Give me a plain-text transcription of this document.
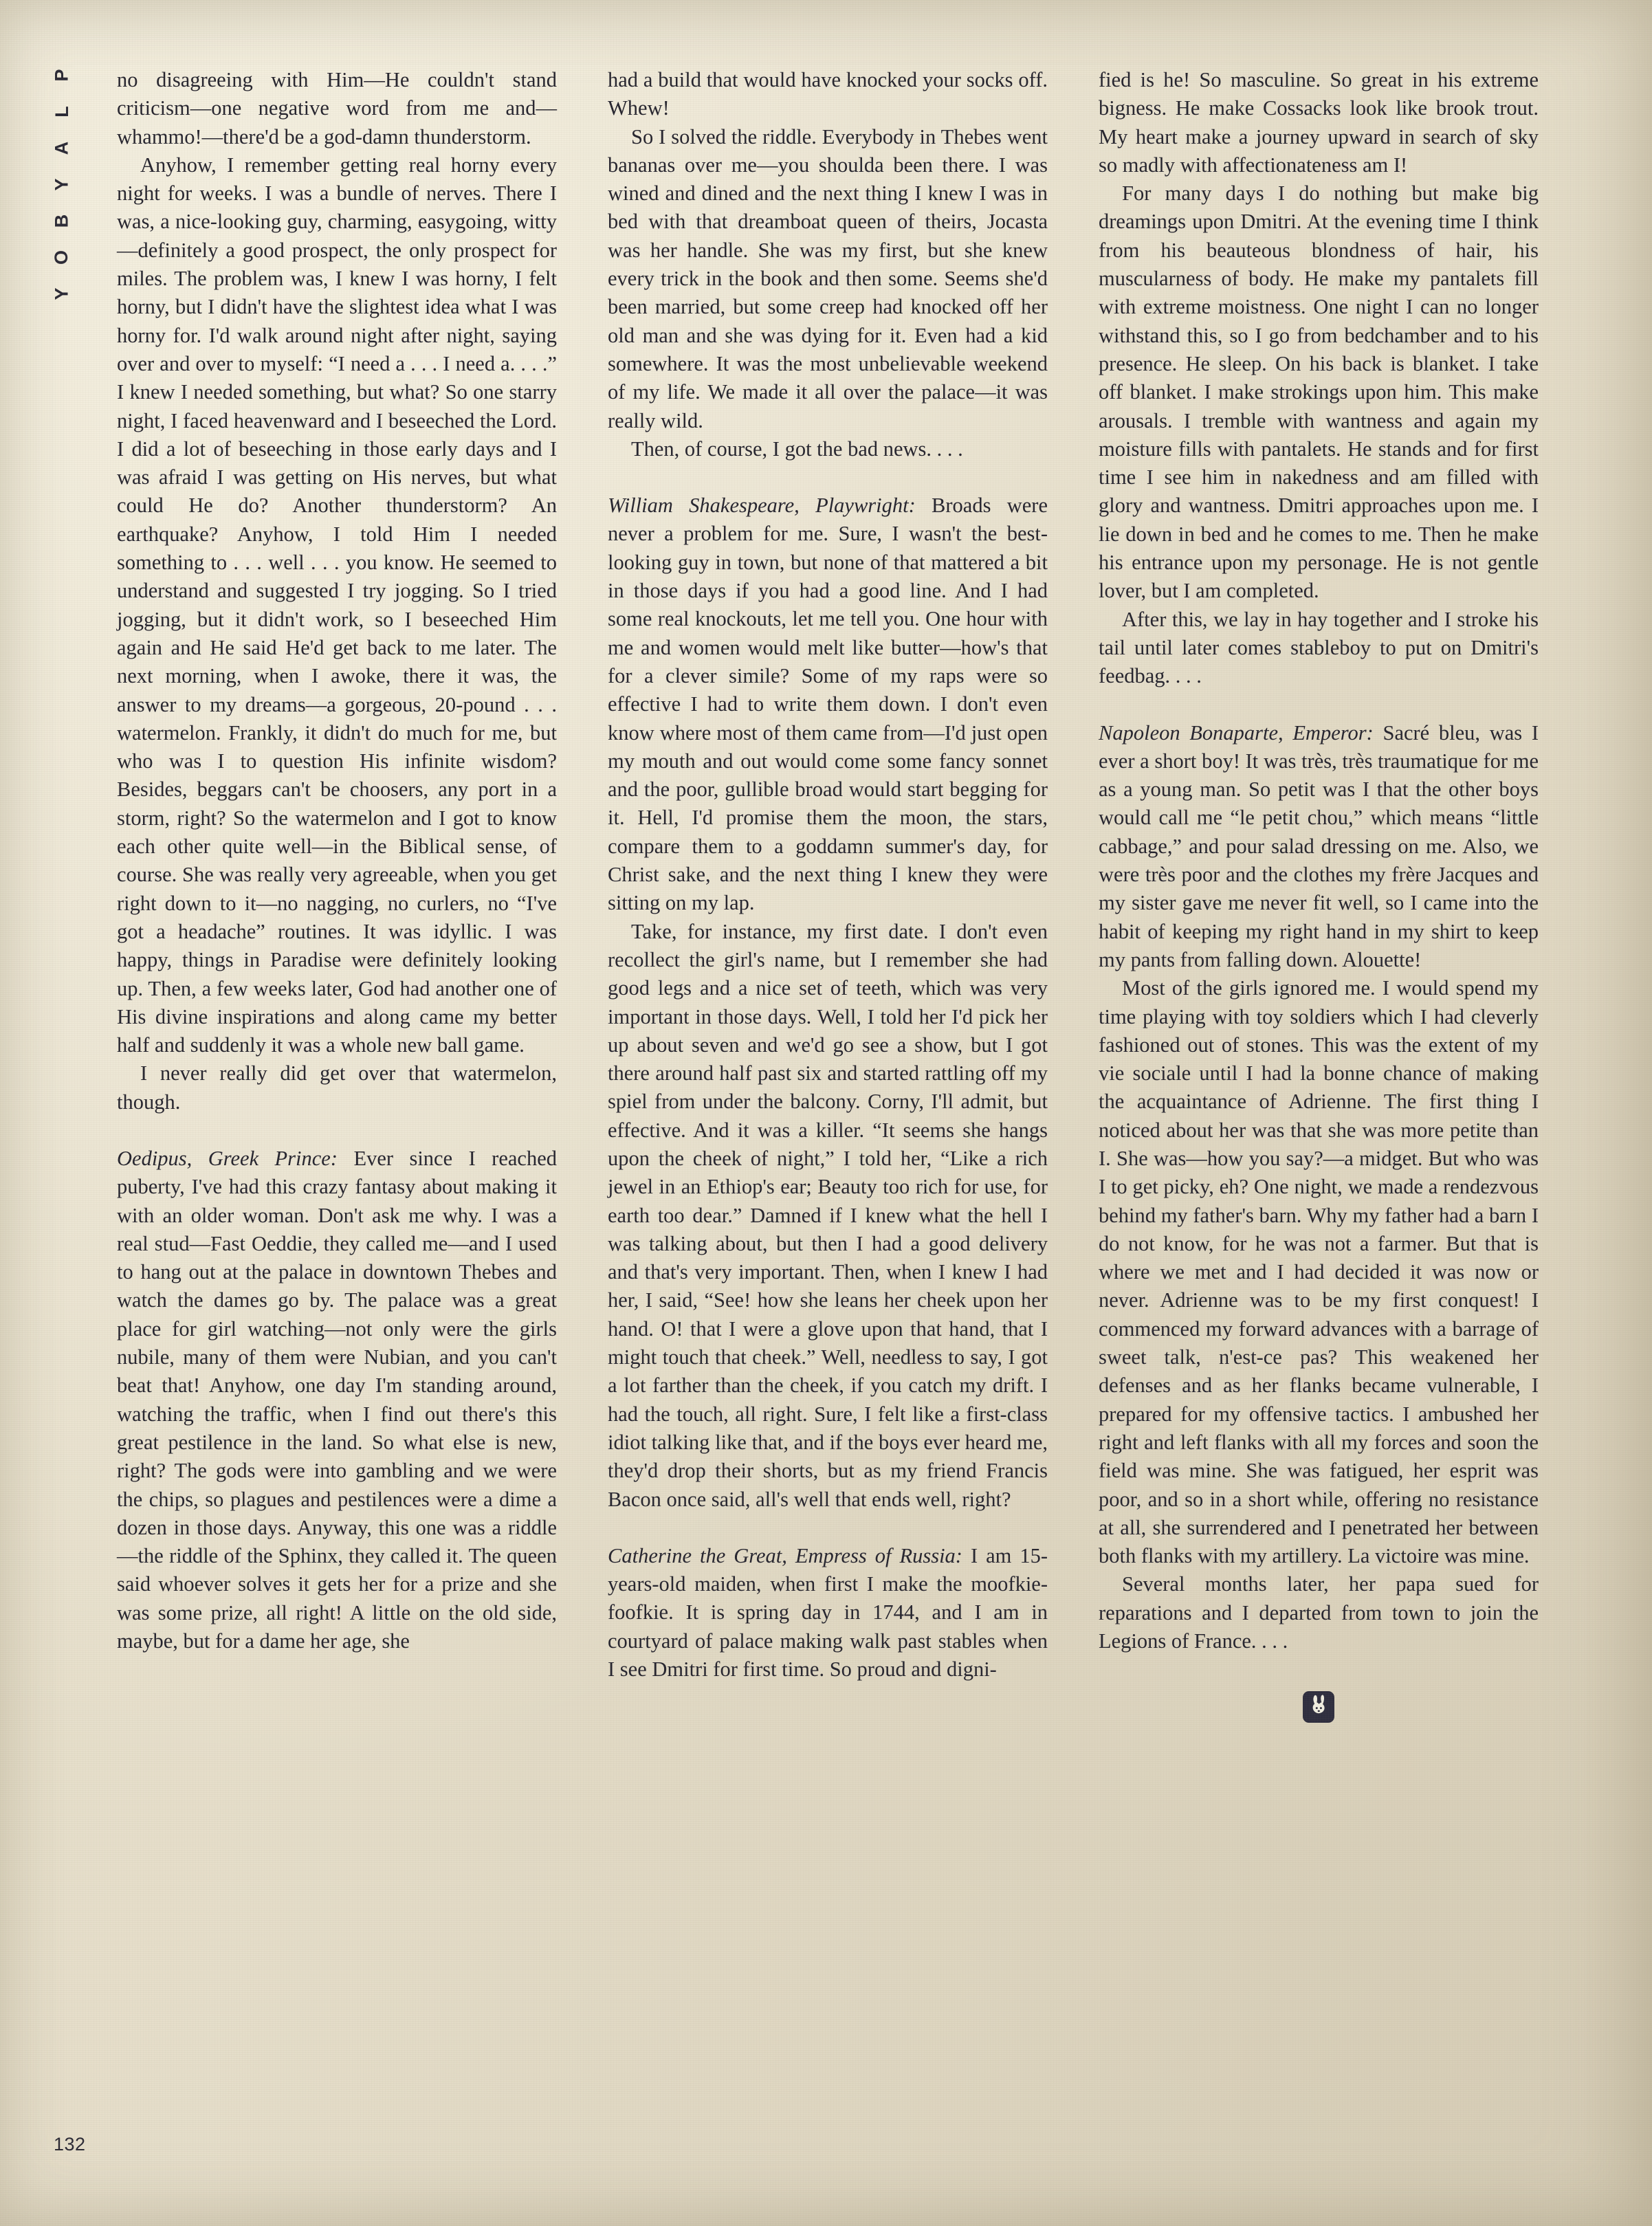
P
L
A
Y
B
O
Y
132

no disagreeing with Him—He couldn't stand criticism—one negative word from me and—whammo!—there'd be a god-damn thunderstorm.

Anyhow, I remember getting real horny every night for weeks. I was a bundle of nerves. There I was, a nice-looking guy, charming, easygoing, witty—definitely a good prospect, the only prospect for miles. The problem was, I knew I was horny, I felt horny, but I didn't have the slightest idea what I was horny for. I'd walk around night after night, saying over and over to myself: “I need a . . . I need a. . . .” I knew I needed something, but what? So one starry night, I faced heavenward and I beseeched the Lord. I did a lot of beseeching in those early days and I was afraid I was getting on His nerves, but what could He do? Another thunderstorm? An earthquake? Anyhow, I told Him I needed something to . . . well . . . you know. He seemed to understand and suggested I try jogging. So I tried jogging, but it didn't work, so I beseeched Him again and He said He'd get back to me later. The next morning, when I awoke, there it was, the answer to my dreams—a gorgeous, 20-pound . . . watermelon. Frankly, it didn't do much for me, but who was I to question His infinite wisdom? Besides, beggars can't be choosers, any port in a storm, right? So the watermelon and I got to know each other quite well—in the Biblical sense, of course. She was really very agreeable, when you get right down to it—no nagging, no curlers, no “I've got a headache” routines. It was idyllic. I was happy, things in Paradise were definitely looking up. Then, a few weeks later, God had another one of His divine inspirations and along came my better half and suddenly it was a whole new ball game.

I never really did get over that watermelon, though.

Oedipus, Greek Prince: Ever since I reached puberty, I've had this crazy fantasy about making it with an older woman. Don't ask me why. I was a real stud—Fast Oeddie, they called me—and I used to hang out at the palace in downtown Thebes and watch the dames go by. The palace was a great place for girl watching—not only were the girls nubile, many of them were Nubian, and you can't beat that! Anyhow, one day I'm standing around, watching the traffic, when I find out there's this great pestilence in the land. So what else is new, right? The gods were into gambling and we were the chips, so plagues and pestilences were a dime a dozen in those days. Anyway, this one was a riddle—the riddle of the Sphinx, they called it. The queen said whoever solves it gets her for a prize and she was some prize, all right! A little on the old side, maybe, but for a dame her age, she

had a build that would have knocked your socks off. Whew!

So I solved the riddle. Everybody in Thebes went bananas over me—you shoulda been there. I was wined and dined and the next thing I knew I was in bed with that dreamboat queen of theirs, Jocasta was her handle. She was my first, but she knew every trick in the book and then some. Seems she'd been married, but some creep had knocked off her old man and she was dying for it. Even had a kid somewhere. It was the most unbelievable weekend of my life. We made it all over the palace—it was really wild.

Then, of course, I got the bad news. . . .

William Shakespeare, Playwright: Broads were never a problem for me. Sure, I wasn't the best-looking guy in town, but none of that mattered a bit in those days if you had a good line. And I had some real knockouts, let me tell you. One hour with me and women would melt like butter—how's that for a clever simile? Some of my raps were so effective I had to write them down. I don't even know where most of them came from—I'd just open my mouth and out would come some fancy sonnet and the poor, gullible broad would start begging for it. Hell, I'd promise them the moon, the stars, compare them to a goddamn summer's day, for Christ sake, and the next thing I knew they were sitting on my lap.

Take, for instance, my first date. I don't even recollect the girl's name, but I remember she had good legs and a nice set of teeth, which was very important in those days. Well, I told her I'd pick her up about seven and we'd go see a show, but I got there around half past six and started rattling off my spiel from under the balcony. Corny, I'll admit, but effective. And it was a killer. “It seems she hangs upon the cheek of night,” I told her, “Like a rich jewel in an Ethiop's ear; Beauty too rich for use, for earth too dear.” Damned if I knew what the hell I was talking about, but then I had a good delivery and that's very important. Then, when I knew I had her, I said, “See! how she leans her cheek upon her hand. O! that I were a glove upon that hand, that I might touch that cheek.” Well, needless to say, I got a lot farther than the cheek, if you catch my drift. I had the touch, all right. Sure, I felt like a first-class idiot talking like that, and if the boys ever heard me, they'd drop their shorts, but as my friend Francis Bacon once said, all's well that ends well, right?

Catherine the Great, Empress of Russia: I am 15-years-old maiden, when first I make the moofkie-foofkie. It is spring day in 1744, and I am in courtyard of palace making walk past stables when I see Dmitri for first time. So proud and digni-

fied is he! So masculine. So great in his extreme bigness. He make Cossacks look like brook trout. My heart make a journey upward in search of sky so madly with affectionateness am I!

For many days I do nothing but make big dreamings upon Dmitri. At the evening time I think from his beauteous blondness of hair, his muscularness of body. He make my pantalets fill with extreme moistness. One night I can no longer withstand this, so I go from bedchamber and to his presence. He sleep. On his back is blanket. I take off blanket. I make strokings upon him. This make arousals. I tremble with wantness and again my moisture fills with pantalets. He stands and for first time I see him in nakedness and am filled with glory and wantness. Dmitri approaches upon me. I lie down in bed and he comes to me. Then he make his entrance upon my personage. He is not gentle lover, but I am completed.

After this, we lay in hay together and I stroke his tail until later comes stableboy to put on Dmitri's feedbag. . . .

Napoleon Bonaparte, Emperor: Sacré bleu, was I ever a short boy! It was très, très traumatique for me as a young man. So petit was I that the other boys would call me “le petit chou,” which means “little cabbage,” and pour salad dressing on me. Also, we were très poor and the clothes my frère Jacques and my sister gave me never fit well, so I came into the habit of keeping my right hand in my shirt to keep my pants from falling down. Alouette!

Most of the girls ignored me. I would spend my time playing with toy soldiers which I had cleverly fashioned out of stones. This was the extent of my vie sociale until I had la bonne chance of making the acquaintance of Adrienne. The first thing I noticed about her was that she was more petite than I. She was—how you say?—a midget. But who was I to get picky, eh? One night, we made a rendezvous behind my father's barn. Why my father had a barn I do not know, for he was not a farmer. But that is where we met and I had decided it was now or never. Adrienne was to be my first conquest! I commenced my forward advances with a barrage of sweet talk, n'est-ce pas? This weakened her defenses and as her flanks became vulnerable, I prepared for my offensive tactics. I ambushed her right and left flanks with all my forces and soon the field was mine. She was fatigued, her esprit was poor, and so in a short while, offering no resistance at all, she surrendered and I penetrated her between both flanks with my artillery. La victoire was mine.

Several months later, her papa sued for reparations and I departed from town to join the Legions of France. . . .
